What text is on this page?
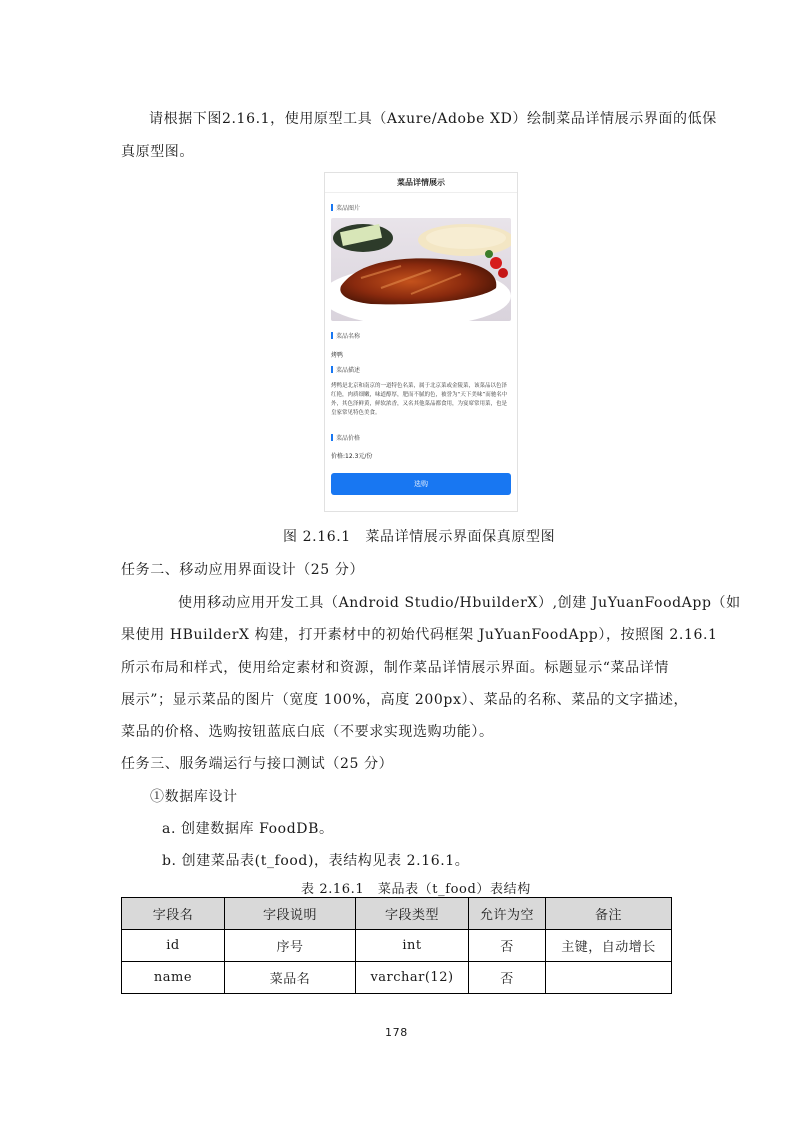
请根据下图2.16.1，使用原型工具（Axure/Adobe XD）绘制菜品详情展示界面的低保
真原型图。
菜品详情展示
菜品图片
菜品名称
烤鸭
菜品描述
烤鸭是北京和南京的一道特色名菜，属于北京菜或金陵菜，该菜品以色泽红艳，肉质细嫩，味道醇厚，肥而不腻的色，被誉为“天下美味”而驰名中外，其色泽鲜黄，鲜软浓香，又名其他菜品都食用，为宴席常用菜，也是皇家常见特色美食。
菜品价格
价格:12.3元/份
选购
图 2.16.1　菜品详情展示界面保真原型图
任务二、移动应用界面设计（25 分）
使用移动应用开发工具（Android Studio/HbuilderX）,创建 JuYuanFoodApp（如
果使用 HBuilderX 构建，打开素材中的初始代码框架 JuYuanFoodApp），按照图 2.16.1
所示布局和样式，使用给定素材和资源，制作菜品详情展示界面。标题显示“菜品详情
展示”；显示菜品的图片（宽度 100%，高度 200px）、菜品的名称、菜品的文字描述，
菜品的价格、选购按钮蓝底白底（不要求实现选购功能）。
任务三、服务端运行与接口测试（25 分）
①数据库设计
a. 创建数据库 FoodDB。
b. 创建菜品表(t_food)，表结构见表 2.16.1。
表 2.16.1　菜品表（t_food）表结构
字段名	字段说明	字段类型	允许为空	备注
id	序号	int	否	主键，自动增长
name	菜品名	varchar(12)	否	
178
